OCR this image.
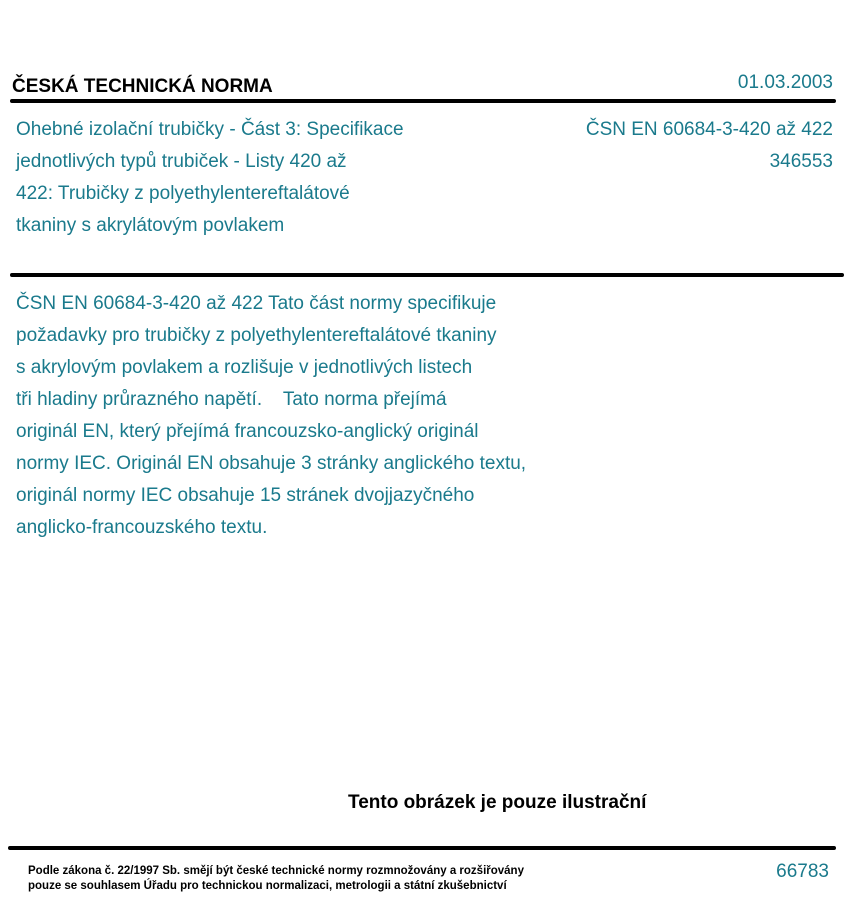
ČESKÁ TECHNICKÁ NORMA	01.03.2003
Ohebné izolační trubičky - Část 3: Specifikace
jednotlivých typů trubiček - Listy 420 až
422: Trubičky z polyethylentereftalátové
tkaniny s akrylátovým povlakem
ČSN EN 60684-3-420 až 422
346553
ČSN EN 60684-3-420 až 422 Tato část normy specifikuje
požadavky pro trubičky z polyethylentereftalátové tkaniny
s akrylovým povlakem a rozlišuje v jednotlivých listech
tři hladiny průrazného napětí.    Tato norma přejímá
originál EN, který přejímá francouzsko-anglický originál
normy IEC. Originál EN obsahuje 3 stránky anglického textu,
originál normy IEC obsahuje 15 stránek dvojjazyčného
anglicko-francouzského textu.
Tento obrázek je pouze ilustrační
Podle zákona č. 22/1997 Sb. smějí být české technické normy rozmnožovány a rozšiřovány
pouze se souhlasem Úřadu pro technickou normalizaci, metrologii a státní zkušebnictví
66783
